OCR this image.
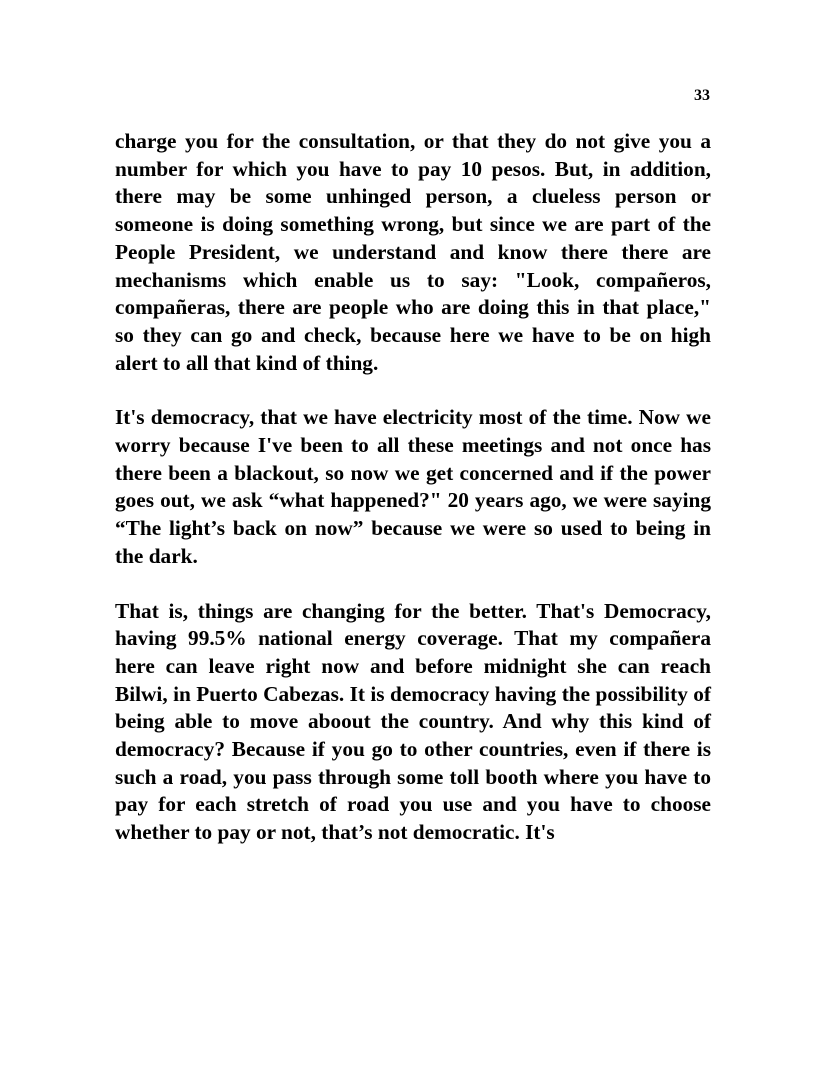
33

charge you for the consultation, or that they do not give you a number for which you have to pay 10 pesos. But, in addition, there may be some unhinged person, a clueless person or someone is doing something wrong, but since we are part of the People President, we understand and know there there are mechanisms which enable us to say: "Look, compañeros, compañeras, there are people who are doing this in that place," so they can go and check, because here we have to be on high alert to all that kind of thing.

It's democracy, that we have electricity most of the time. Now we worry because I've been to all these meetings and not once has there been a blackout, so now we get concerned and if the power goes out, we ask “what happened?" 20 years ago, we were saying “The light’s back on now” because we were so used to being in the dark.

That is, things are changing for the better. That's Democracy, having 99.5% national energy coverage. That my compañera here can leave right now and before midnight she can reach Bilwi, in Puerto Cabezas. It is democracy having the possibility of being able to move aboout the country. And why this kind of democracy? Because if you go to other countries, even if there is such a road, you pass through some toll booth where you have to pay for each stretch of road you use and you have to choose whether to pay or not, that’s not democratic. It's
